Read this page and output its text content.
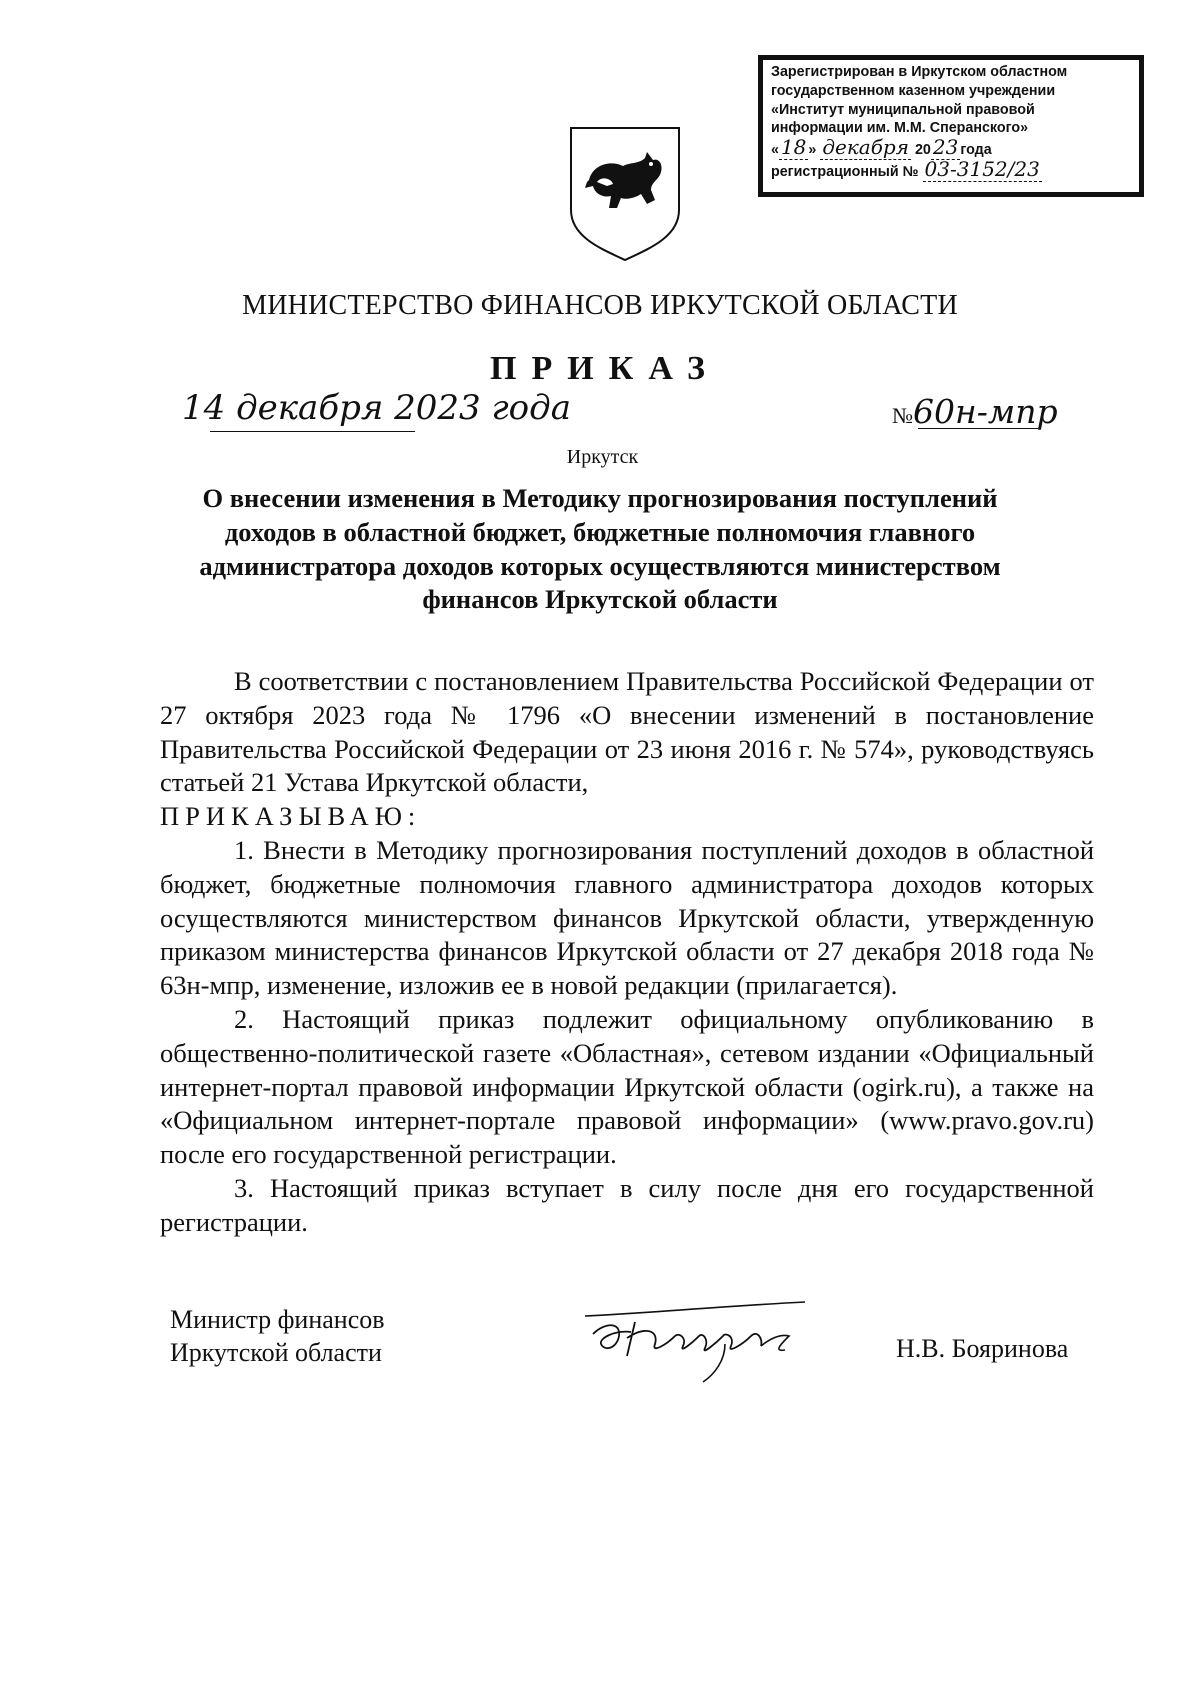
Зарегистрирован в Иркутском областном
государственном казенном учреждении
«Институт муниципальной правовой
информации им. М.М. Сперанского»
« 18 » декабря 20 23 года
регистрационный № 03-3152/23
МИНИСТЕРСТВО ФИНАНСОВ ИРКУТСКОЙ ОБЛАСТИ
ПРИКАЗ
14 декабря 2023 года	№60н-мпр
Иркутск
О внесении изменения в Методику прогнозирования поступлений
доходов в областной бюджет, бюджетные полномочия главного
администратора доходов которых осуществляются министерством
финансов Иркутской области

В соответствии с постановлением Правительства Российской Федерации от 27 октября 2023 года № 1796 «О внесении изменений в постановление Правительства Российской Федерации от 23 июня 2016 г. № 574», руководствуясь статьей 21 Устава Иркутской области,

ПРИКАЗЫВАЮ:

1. Внести в Методику прогнозирования поступлений доходов в областной бюджет, бюджетные полномочия главного администратора доходов которых осуществляются министерством финансов Иркутской области, утвержденную приказом министерства финансов Иркутской области от 27 декабря 2018 года № 63н-мпр, изменение, изложив ее в новой редакции (прилагается).

2. Настоящий приказ подлежит официальному опубликованию в общественно-политической газете «Областная», сетевом издании «Официальный интернет-портал правовой информации Иркутской области (ogirk.ru), а также на «Официальном интернет-портале правовой информации» (www.pravo.gov.ru) после его государственной регистрации.

3. Настоящий приказ вступает в силу после дня его государственной регистрации.

Министр финансов
Иркутской области	Н.В. Бояринова
